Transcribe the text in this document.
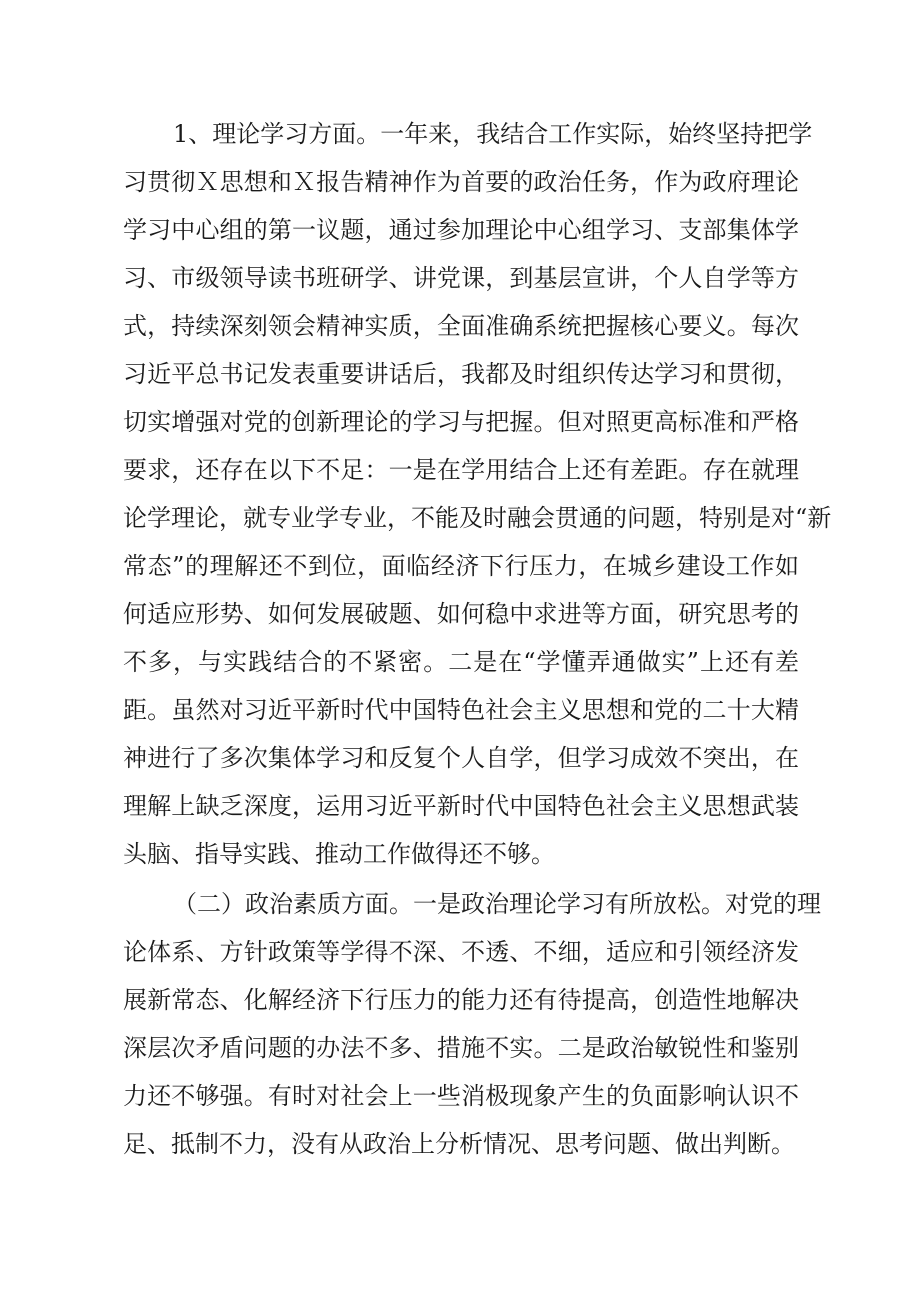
1、理论学习方面。一年来，我结合工作实际，始终坚持把学
习贯彻Ｘ思想和Ｘ报告精神作为首要的政治任务，作为政府理论
学习中心组的第一议题，通过参加理论中心组学习、支部集体学
习、市级领导读书班研学、讲党课，到基层宣讲，个人自学等方
式，持续深刻领会精神实质，全面准确系统把握核心要义。每次
习近平总书记发表重要讲话后，我都及时组织传达学习和贯彻，
切实增强对党的创新理论的学习与把握。但对照更高标准和严格
要求，还存在以下不足：一是在学用结合上还有差距。存在就理
论学理论，就专业学专业，不能及时融会贯通的问题，特别是对“新
常态”的理解还不到位，面临经济下行压力，在城乡建设工作如
何适应形势、如何发展破题、如何稳中求进等方面，研究思考的
不多，与实践结合的不紧密。二是在“学懂弄通做实”上还有差
距。虽然对习近平新时代中国特色社会主义思想和党的二十大精
神进行了多次集体学习和反复个人自学，但学习成效不突出，在
理解上缺乏深度，运用习近平新时代中国特色社会主义思想武装
头脑、指导实践、推动工作做得还不够。
（二）政治素质方面。一是政治理论学习有所放松。对党的理
论体系、方针政策等学得不深、不透、不细，适应和引领经济发
展新常态、化解经济下行压力的能力还有待提高，创造性地解决
深层次矛盾问题的办法不多、措施不实。二是政治敏锐性和鉴别
力还不够强。有时对社会上一些消极现象产生的负面影响认识不
足、抵制不力，没有从政治上分析情况、思考问题、做出判断。
